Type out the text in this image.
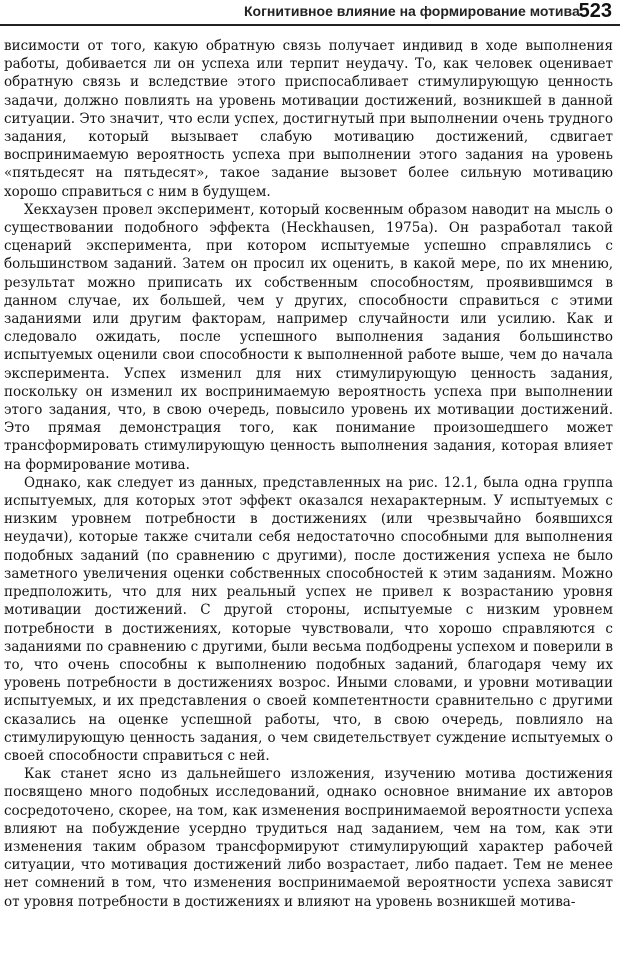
Когнитивное влияние на формирование мотива
523

висимости от того, какую обратную связь получает индивид в ходе выполнения работы, добивается ли он успеха или терпит неудачу. То, как человек оценивает обратную связь и вследствие этого приспосабливает стимулирующую ценность задачи, должно повлиять на уровень мотивации достижений, возникшей в данной ситуации. Это значит, что если успех, достигнутый при выполнении очень трудного задания, который вызывает слабую мотивацию достижений, сдвигает воспринимаемую вероятность успеха при выполнении этого задания на уровень «пятьдесят на пятьдесят», такое задание вызовет более сильную мотивацию хорошо справиться с ним в будущем.

Хекхаузен провел эксперимент, который косвенным образом наводит на мысль о существовании подобного эффекта (Heckhausen, 1975a). Он разработал такой сценарий эксперимента, при котором испытуемые успешно справлялись с большинством заданий. Затем он просил их оценить, в какой мере, по их мнению, результат можно приписать их собственным способностям, проявившимся в данном случае, их большей, чем у других, способности справиться с этими заданиями или другим факторам, например случайности или усилию. Как и следовало ожидать, после успешного выполнения задания большинство испытуемых оценили свои способности к выполненной работе выше, чем до начала эксперимента. Успех изменил для них стимулирующую ценность задания, поскольку он изменил их воспринимаемую вероятность успеха при выполнении этого задания, что, в свою очередь, повысило уровень их мотивации достижений. Это прямая демонстрация того, как понимание произошедшего может трансформировать стимулирующую ценность выполнения задания, которая влияет на формирование мотива.

Однако, как следует из данных, представленных на рис. 12.1, была одна группа испытуемых, для которых этот эффект оказался нехарактерным. У испытуемых с низким уровнем потребности в достижениях (или чрезвычайно боявшихся неудачи), которые также считали себя недостаточно способными для выполнения подобных заданий (по сравнению с другими), после достижения успеха не было заметного увеличения оценки собственных способностей к этим заданиям. Можно предположить, что для них реальный успех не привел к возрастанию уровня мотивации достижений. С другой стороны, испытуемые с низким уровнем потребности в достижениях, которые чувствовали, что хорошо справляются с заданиями по сравнению с другими, были весьма подбодрены успехом и поверили в то, что очень способны к выполнению подобных заданий, благодаря чему их уровень потребности в достижениях возрос. Иными словами, и уровни мотивации испытуемых, и их представления о своей компетентности сравнительно с другими сказались на оценке успешной работы, что, в свою очередь, повлияло на стимулирующую ценность задания, о чем свидетельствует суждение испытуемых о своей способности справиться с ней.

Как станет ясно из дальнейшего изложения, изучению мотива достижения посвящено много подобных исследований, однако основное внимание их авторов сосредоточено, скорее, на том, как изменения воспринимаемой вероятности успеха влияют на побуждение усердно трудиться над заданием, чем на том, как эти изменения таким образом трансформируют стимулирующий характер рабочей ситуации, что мотивация достижений либо возрастает, либо падает. Тем не менее нет сомнений в том, что изменения воспринимаемой вероятности успеха зависят от уровня потребности в достижениях и влияют на уровень возникшей мотива-
